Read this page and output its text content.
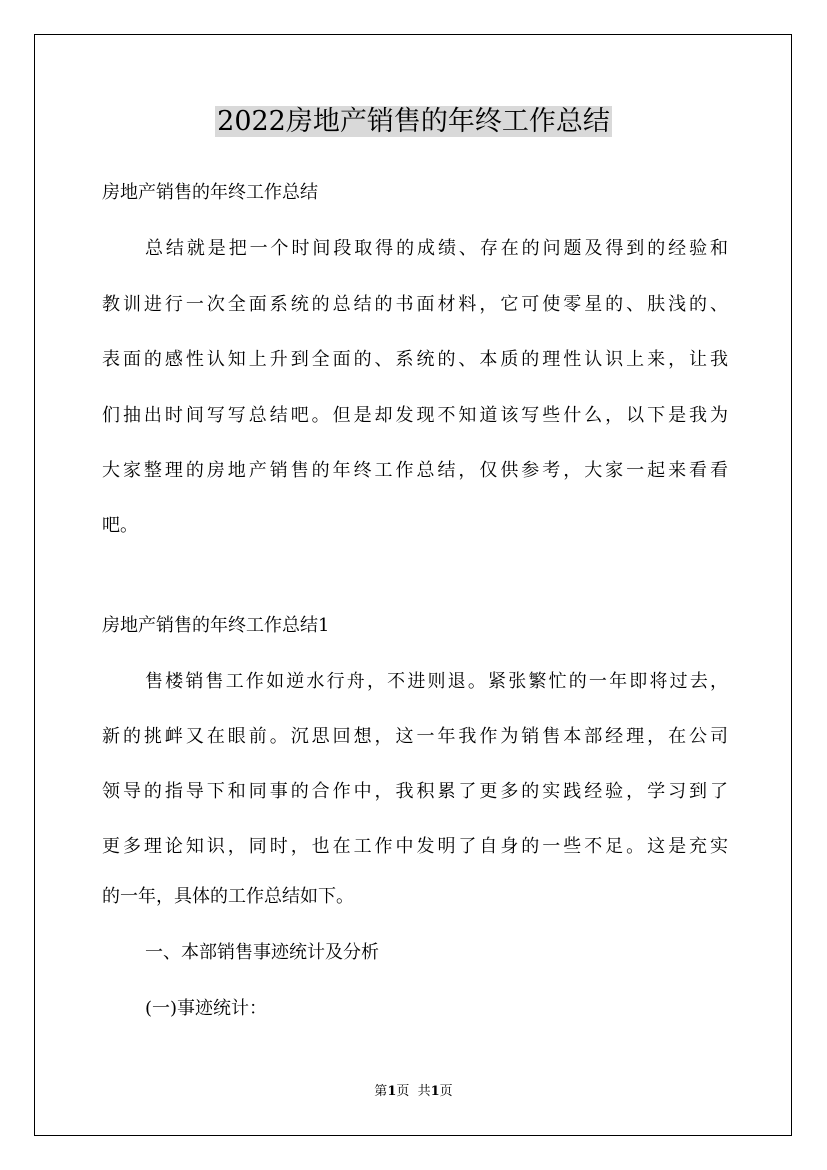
2022房地产销售的年终工作总结

房地产销售的年终工作总结

总结就是把一个时间段取得的成绩、存在的问题及得到的经验和

教训进行一次全面系统的总结的书面材料，它可使零星的、肤浅的、

表面的感性认知上升到全面的、系统的、本质的理性认识上来，让我

们抽出时间写写总结吧。但是却发现不知道该写些什么，以下是我为

大家整理的房地产销售的年终工作总结，仅供参考，大家一起来看看

吧。

房地产销售的年终工作总结1

售楼销售工作如逆水行舟，不进则退。紧张繁忙的一年即将过去，

新的挑衅又在眼前。沉思回想，这一年我作为销售本部经理，在公司

领导的指导下和同事的合作中，我积累了更多的实践经验，学习到了

更多理论知识，同时，也在工作中发明了自身的一些不足。这是充实

的一年，具体的工作总结如下。

一、本部销售事迹统计及分析

(一)事迹统计：

第1页  共1页
